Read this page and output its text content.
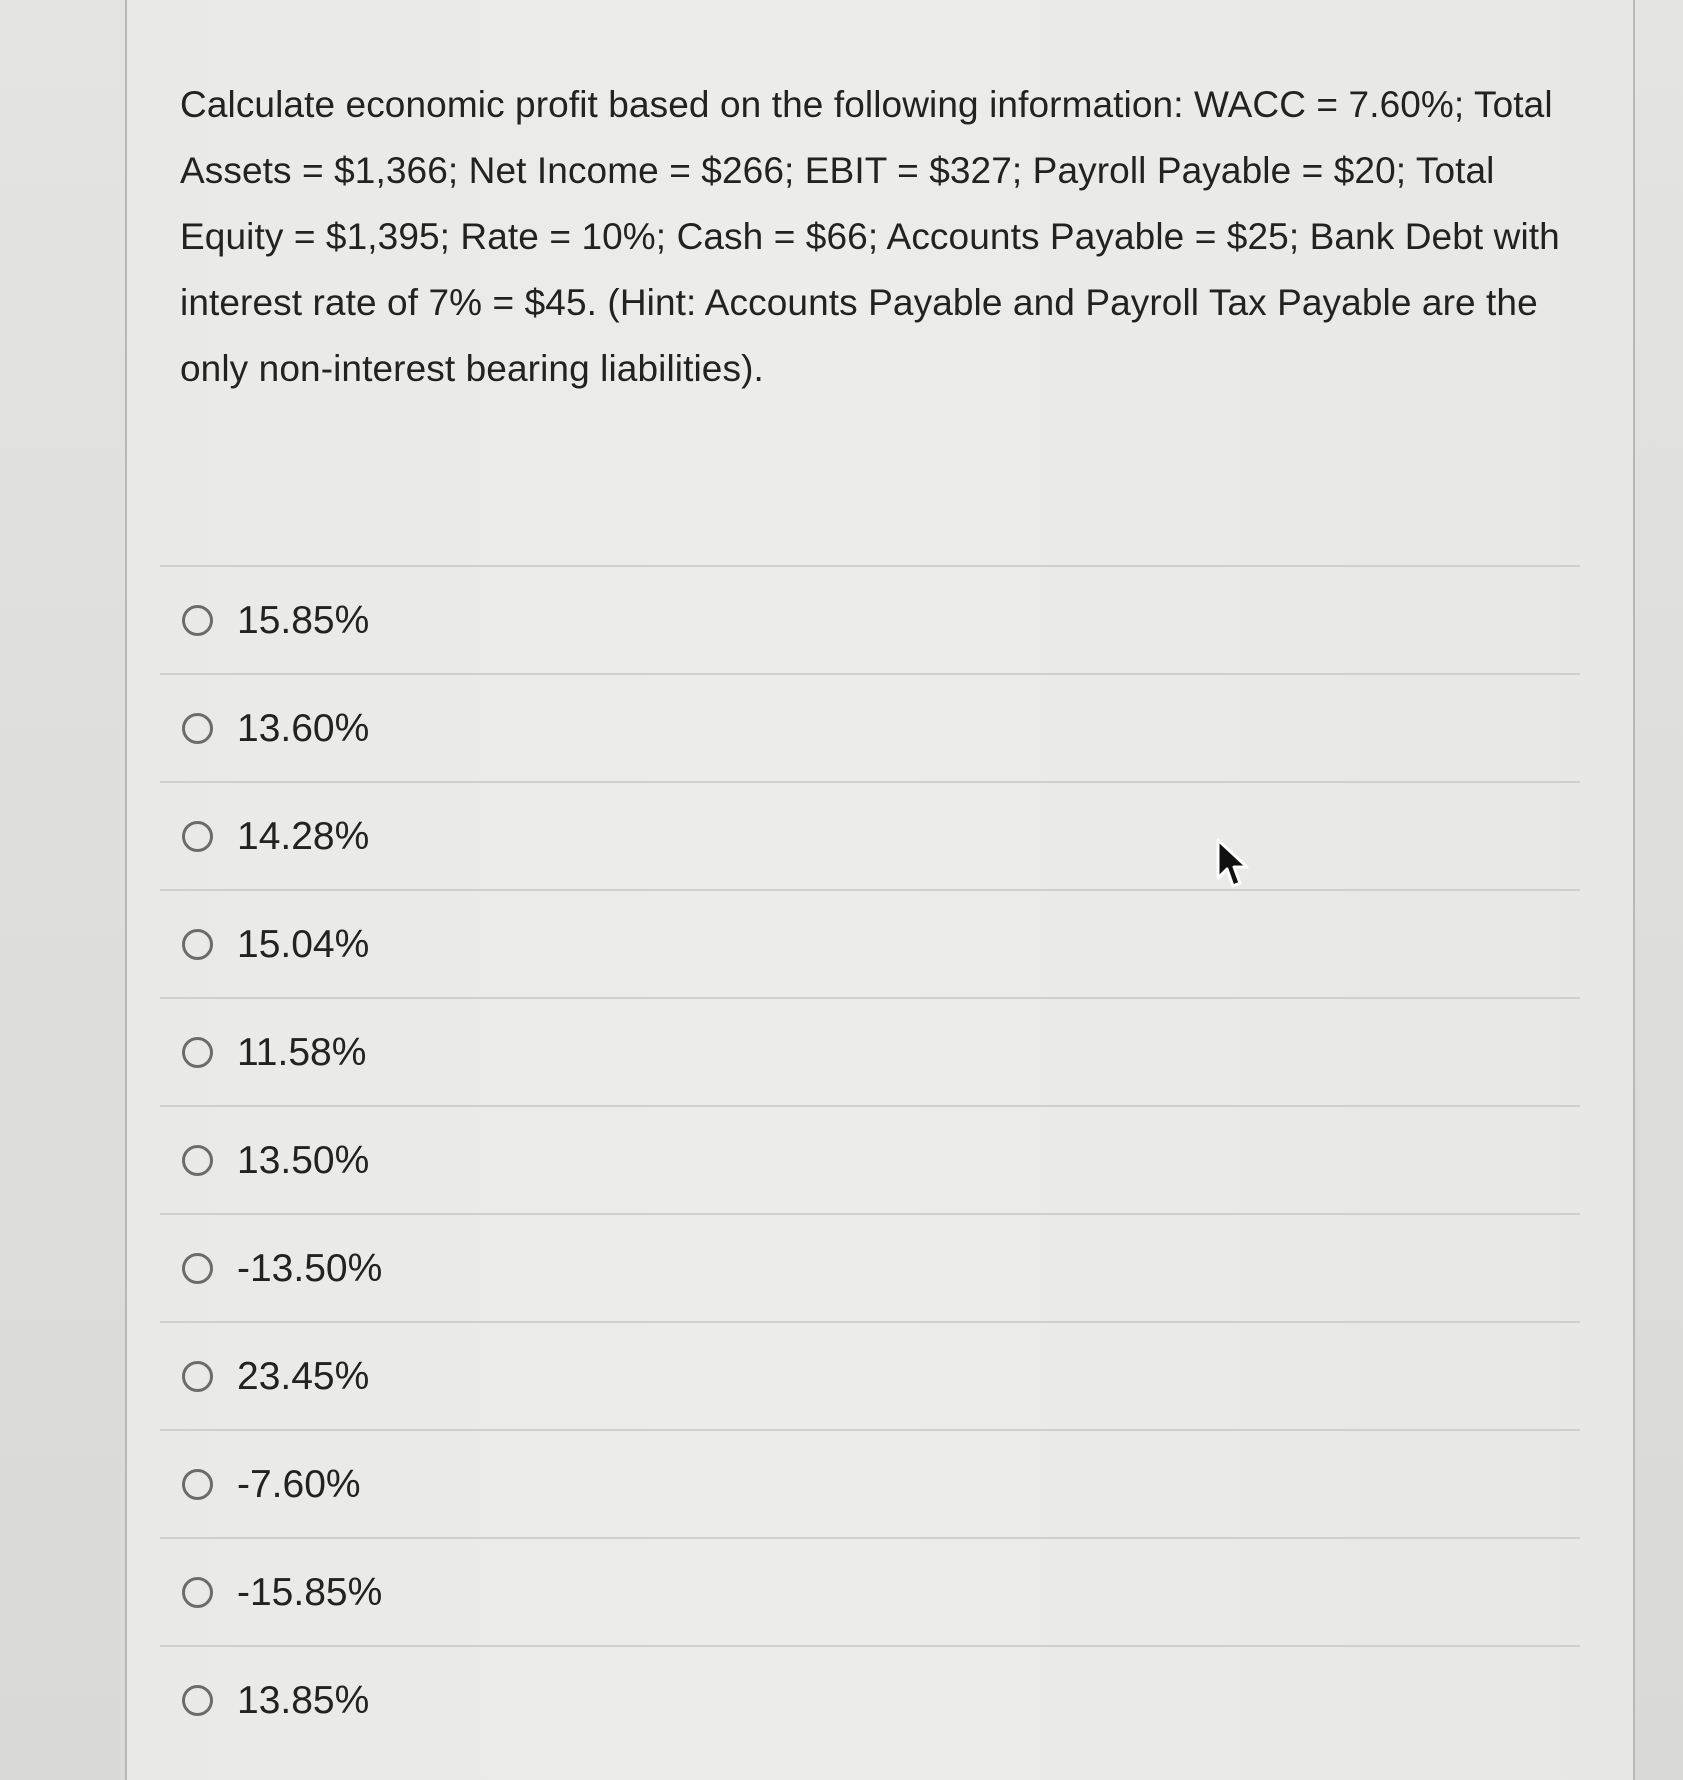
Calculate economic profit based on the following information: WACC = 7.60%; Total Assets = $1,366; Net Income = $266; EBIT = $327; Payroll Payable = $20; Total Equity = $1,395; Rate = 10%; Cash = $66; Accounts Payable = $25; Bank Debt with interest rate of 7% = $45. (Hint: Accounts Payable and Payroll Tax Payable are the only non-interest bearing liabilities).

15.85%
13.60%
14.28%
15.04%
11.58%
13.50%
-13.50%
23.45%
-7.60%
-15.85%
13.85%
